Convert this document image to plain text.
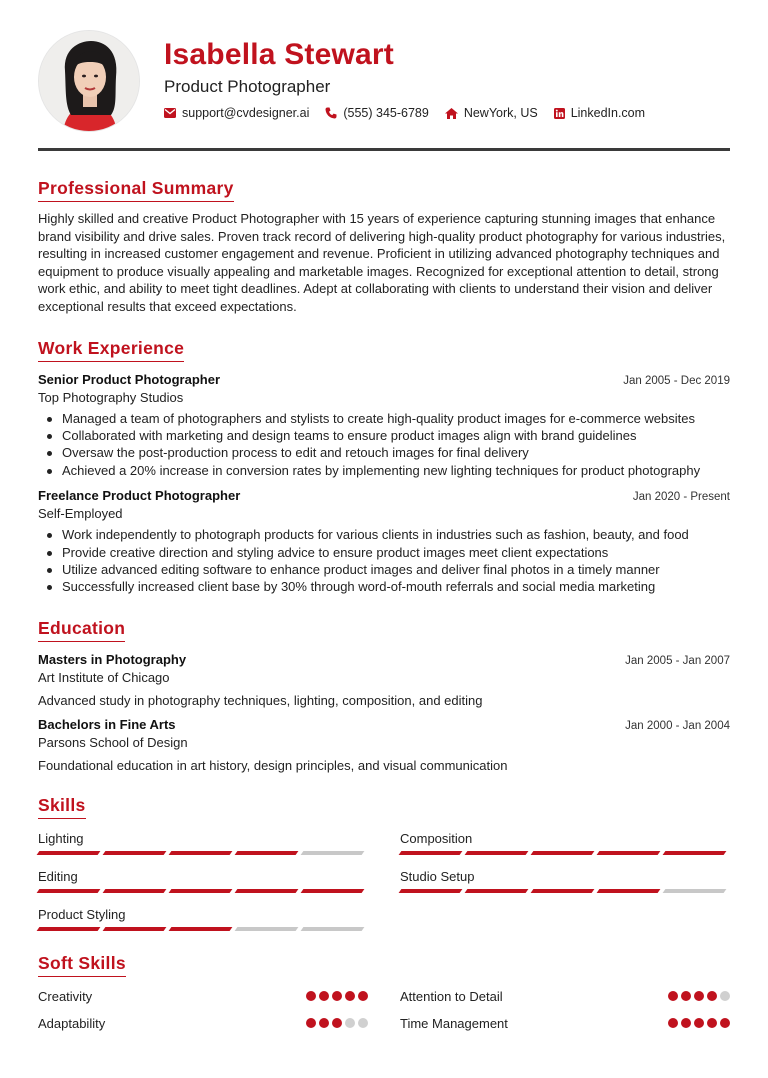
Isabella Stewart
Product Photographer
support@cvdesigner.ai	(555) 345-6789	NewYork, US	LinkedIn.com
Professional Summary

Highly skilled and creative Product Photographer with 15 years of experience capturing stunning images that enhance brand visibility and drive sales. Proven track record of delivering high-quality product photography for various industries, resulting in increased customer engagement and revenue. Proficient in utilizing advanced photography techniques and equipment to produce visually appealing and marketable images. Recognized for exceptional attention to detail, strong work ethic, and ability to meet tight deadlines. Adept at collaborating with clients to understand their vision and deliver exceptional results that exceed expectations.

Work Experience
Senior Product Photographer	Jan 2005 - Dec 2019
Top Photography Studios
Managed a team of photographers and stylists to create high-quality product images for e-commerce websites
Collaborated with marketing and design teams to ensure product images align with brand guidelines
Oversaw the post-production process to edit and retouch images for final delivery
Achieved a 20% increase in conversion rates by implementing new lighting techniques for product photography
Freelance Product Photographer	Jan 2020 - Present
Self-Employed
Work independently to photograph products for various clients in industries such as fashion, beauty, and food
Provide creative direction and styling advice to ensure product images meet client expectations
Utilize advanced editing software to enhance product images and deliver final photos in a timely manner
Successfully increased client base by 30% through word-of-mouth referrals and social media marketing
Education
Masters in Photography	Jan 2005 - Jan 2007
Art Institute of Chicago
Advanced study in photography techniques, lighting, composition, and editing
Bachelors in Fine Arts	Jan 2000 - Jan 2004
Parsons School of Design
Foundational education in art history, design principles, and visual communication
Skills
Lighting	Composition
Editing	Studio Setup
Product Styling
Soft Skills
Creativity	Attention to Detail
Adaptability	Time Management
